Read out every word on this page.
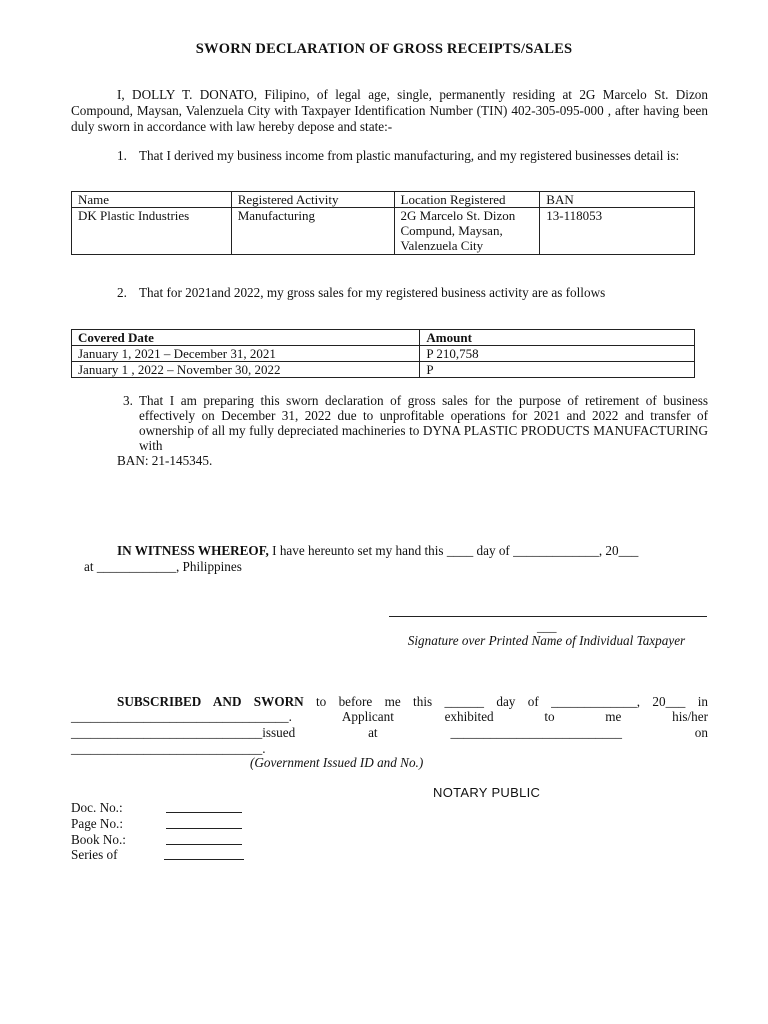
SWORN DECLARATION OF GROSS RECEIPTS/SALES
I, DOLLY T. DONATO, Filipino, of legal age, single, permanently residing at 2G Marcelo St. Dizon Compound, Maysan, Valenzuela City with Taxpayer Identification Number (TIN) 402-305-095-000 , after having been duly sworn in accordance with law hereby depose and state:-
1. That I derived my business income from plastic manufacturing, and my registered businesses detail is:
Name	Registered Activity	Location Registered	BAN
DK Plastic Industries	Manufacturing	2G Marcelo St. Dizon Compund, Maysan, Valenzuela City	13-118053
2. That for 2021and 2022, my gross sales for my registered business activity are as follows
Covered Date	Amount
January 1, 2021 – December 31, 2021	P 210,758
January 1 , 2022 – November 30, 2022	P
3. That I am preparing this sworn declaration of gross sales for the purpose of retirement of business effectively on December 31, 2022 due to unprofitable operations for 2021 and 2022 and transfer of ownership of all my fully depreciated machineries to DYNA PLASTIC PRODUCTS MANUFACTURING with
BAN: 21-145345.
IN WITNESS WHEREOF, I have hereunto set my hand this ____ day of _____________, 20___
at ____________, Philippines
___
Signature over Printed Name of Individual Taxpayer
SUBSCRIBED AND SWORN to before me this ______ day of _____________, 20___ in
_________________________________. Applicant exhibited to me his/her
_____________________________issued at __________________________ on
_____________________________.
(Government Issued ID and No.)
NOTARY PUBLIC
Doc. No.:
Page No.:
Book No.:
Series of
